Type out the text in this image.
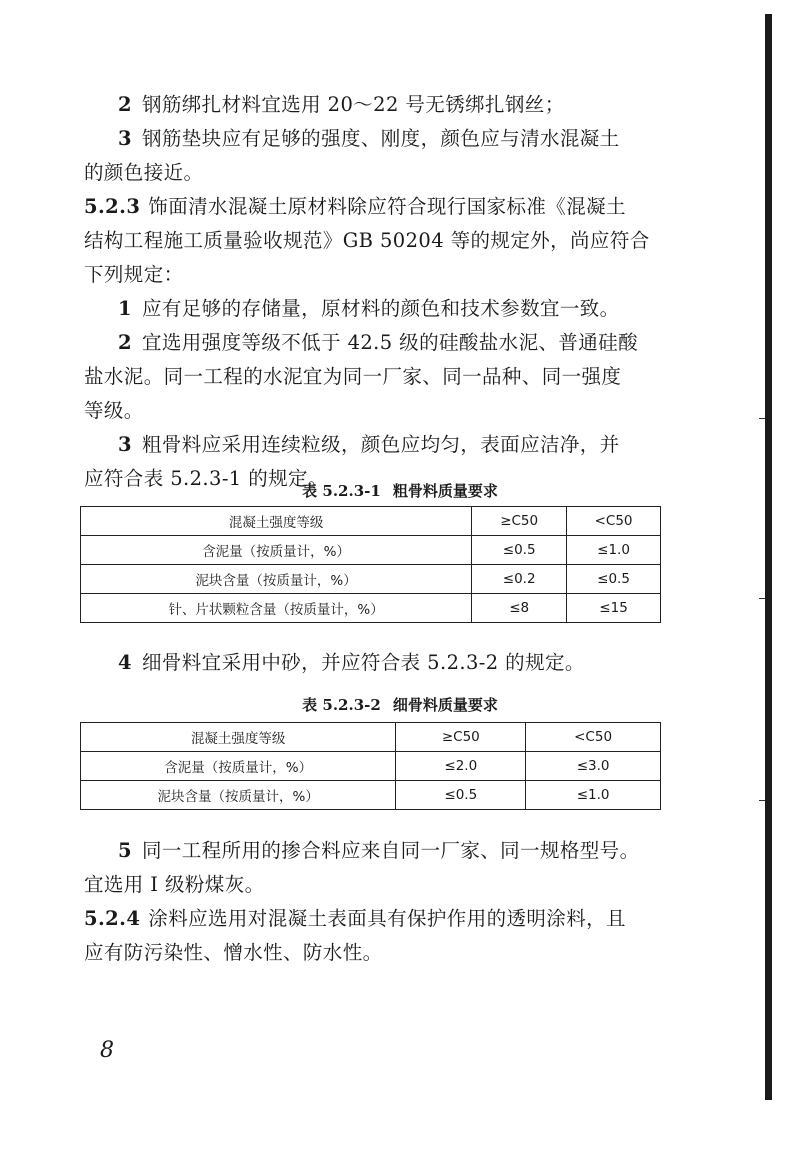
2 钢筋绑扎材料宜选用 20～22 号无锈绑扎钢丝；
3 钢筋垫块应有足够的强度、刚度，颜色应与清水混凝土
的颜色接近。
5.2.3 饰面清水混凝土原材料除应符合现行国家标准《混凝土
结构工程施工质量验收规范》GB 50204 等的规定外，尚应符合
下列规定：
1 应有足够的存储量，原材料的颜色和技术参数宜一致。
2 宜选用强度等级不低于 42.5 级的硅酸盐水泥、普通硅酸
盐水泥。同一工程的水泥宜为同一厂家、同一品种、同一强度
等级。
3 粗骨料应采用连续粒级，颜色应均匀，表面应洁净，并
应符合表 5.2.3-1 的规定。
表 5.2.3-1 粗骨料质量要求
混凝土强度等级	≥C50	<C50
含泥量（按质量计，%）	≤0.5	≤1.0
泥块含量（按质量计，%）	≤0.2	≤0.5
针、片状颗粒含量（按质量计，%）	≤8	≤15
4 细骨料宜采用中砂，并应符合表 5.2.3-2 的规定。
表 5.2.3-2 细骨料质量要求
混凝土强度等级	≥C50	<C50
含泥量（按质量计，%）	≤2.0	≤3.0
泥块含量（按质量计，%）	≤0.5	≤1.0
5 同一工程所用的掺合料应来自同一厂家、同一规格型号。
宜选用 Ⅰ 级粉煤灰。
5.2.4 涂料应选用对混凝土表面具有保护作用的透明涂料，且
应有防污染性、憎水性、防水性。
8
